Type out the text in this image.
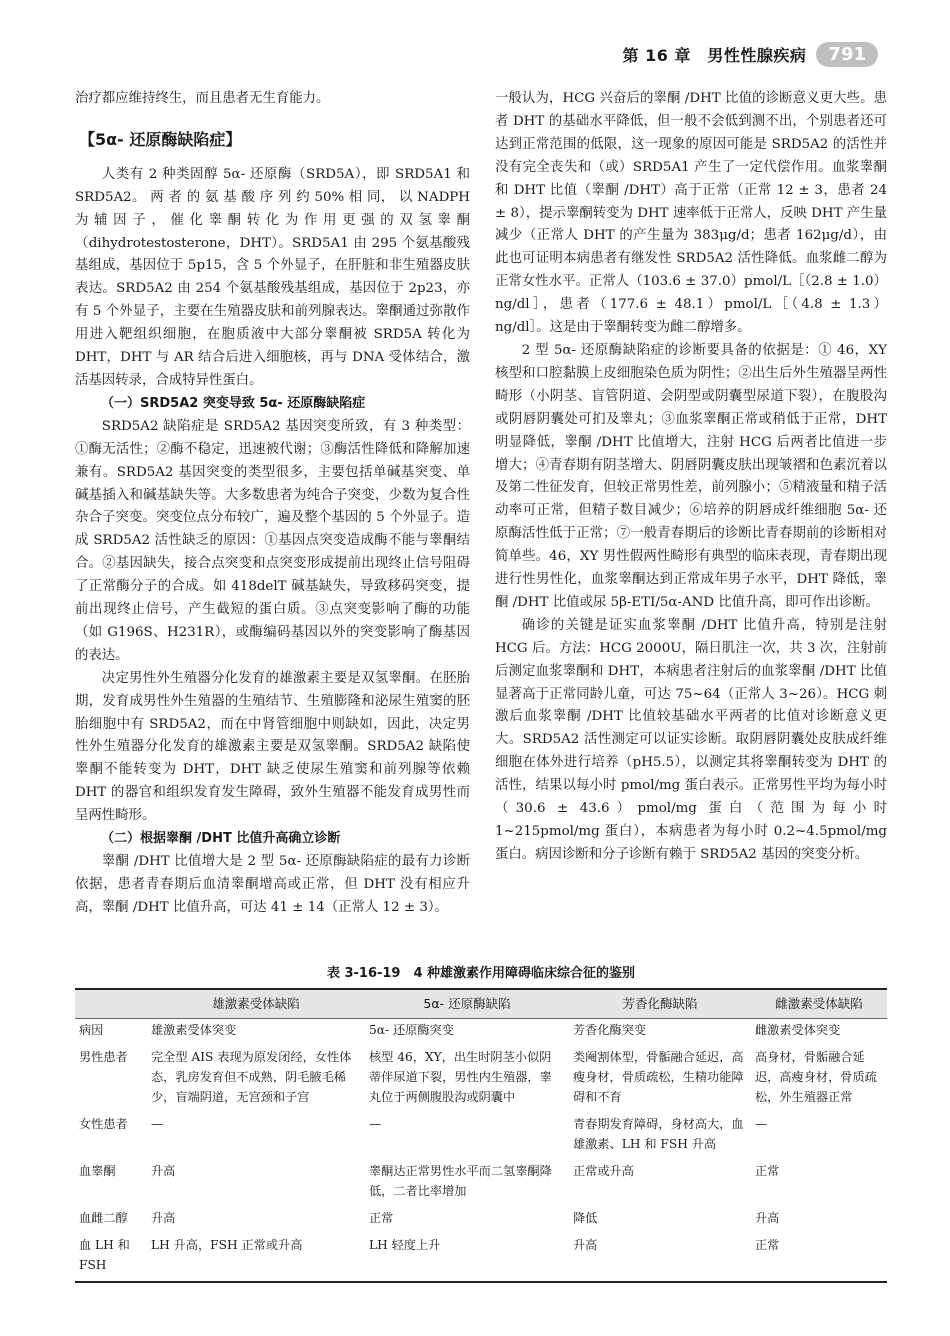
第 16 章　男性性腺疾病	791

治疗都应维持终生，而且患者无生育能力。

【5α- 还原酶缺陷症】

人类有 2 种类固醇 5α- 还原酶（SRD5A），即 SRD5A1 和 SRD5A2。 两 者 的 氨 基 酸 序 列 约 50% 相 同， 以 NADPH 为辅因子，催化睾酮转化为作用更强的双氢睾酮（dihydrotestosterone，DHT）。SRD5A1 由 295 个氨基酸残基组成，基因位于 5p15，含 5 个外显子，在肝脏和非生殖器皮肤表达。SRD5A2 由 254 个氨基酸残基组成，基因位于 2p23，亦有 5 个外显子，主要在生殖器皮肤和前列腺表达。睾酮通过弥散作用进入靶组织细胞，在胞质液中大部分睾酮被 SRD5A 转化为 DHT，DHT 与 AR 结合后进入细胞核，再与 DNA 受体结合，激活基因转录，合成特异性蛋白。

（一）SRD5A2 突变导致 5α- 还原酶缺陷症

SRD5A2 缺陷症是 SRD5A2 基因突变所致，有 3 种类型：①酶无活性；②酶不稳定，迅速被代谢；③酶活性降低和降解加速兼有。SRD5A2 基因突变的类型很多，主要包括单碱基突变、单碱基插入和碱基缺失等。大多数患者为纯合子突变，少数为复合性杂合子突变。突变位点分布较广，遍及整个基因的 5 个外显子。造成 SRD5A2 活性缺乏的原因：①基因点突变造成酶不能与睾酮结合。②基因缺失，接合点突变和点突变形成提前出现终止信号阻碍了正常酶分子的合成。如 418delT 碱基缺失，导致移码突变，提前出现终止信号，产生截短的蛋白质。③点突变影响了酶的功能（如 G196S、H231R），或酶编码基因以外的突变影响了酶基因的表达。

决定男性外生殖器分化发育的雄激素主要是双氢睾酮。在胚胎期，发育成男性外生殖器的生殖结节、生殖膨隆和泌尿生殖窦的胚胎细胞中有 SRD5A2，而在中肾管细胞中则缺如，因此，决定男性外生殖器分化发育的雄激素主要是双氢睾酮。SRD5A2 缺陷使睾酮不能转变为 DHT，DHT 缺乏使尿生殖窦和前列腺等依赖 DHT 的器官和组织发育发生障碍，致外生殖器不能发育成男性而呈两性畸形。

（二）根据睾酮 /DHT 比值升高确立诊断

睾酮 /DHT 比值增大是 2 型 5α- 还原酶缺陷症的最有力诊断依据，患者青春期后血清睾酮增高或正常，但 DHT 没有相应升高，睾酮 /DHT 比值升高，可达 41 ± 14（正常人 12 ± 3）。

一般认为，HCG 兴奋后的睾酮 /DHT 比值的诊断意义更大些。患者 DHT 的基础水平降低，但一般不会低到测不出，个别患者还可达到正常范围的低限，这一现象的原因可能是 SRD5A2 的活性并没有完全丧失和（或）SRD5A1 产生了一定代偿作用。血浆睾酮和 DHT 比值（睾酮 /DHT）高于正常（正常 12 ± 3，患者 24 ± 8），提示睾酮转变为 DHT 速率低于正常人，反映 DHT 产生量减少（正常人 DHT 的产生量为 383μg/d；患者 162μg/d），由此也可证明本病患者有继发性 SRD5A2 活性降低。血浆雌二醇为正常女性水平。正常人（103.6 ± 37.0）pmol/L［（2.8 ± 1.0）ng/dl］，患者（177.6 ± 48.1）pmol/L［（4.8 ± 1.3）ng/dl］。这是由于睾酮转变为雌二醇增多。

2 型 5α- 还原酶缺陷症的诊断要具备的依据是：① 46，XY 核型和口腔黏膜上皮细胞染色质为阴性；②出生后外生殖器呈两性畸形（小阴茎、盲管阴道、会阴型或阴囊型尿道下裂），在腹股沟或阴唇阴囊处可扪及睾丸；③血浆睾酮正常或稍低于正常，DHT 明显降低，睾酮 /DHT 比值增大，注射 HCG 后两者比值进一步增大；④青春期有阴茎增大、阴唇阴囊皮肤出现皱褶和色素沉着以及第二性征发育，但较正常男性差，前列腺小；⑤精液量和精子活动率可正常，但精子数目减少；⑥培养的阴唇成纤维细胞 5α- 还原酶活性低于正常；⑦一般青春期后的诊断比青春期前的诊断相对简单些。46，XY 男性假两性畸形有典型的临床表现，青春期出现进行性男性化，血浆睾酮达到正常成年男子水平，DHT 降低，睾酮 /DHT 比值或尿 5β-ETI/5α-AND 比值升高，即可作出诊断。

确诊的关键是证实血浆睾酮 /DHT 比值升高，特别是注射 HCG 后。方法：HCG 2000U，隔日肌注一次，共 3 次，注射前后测定血浆睾酮和 DHT，本病患者注射后的血浆睾酮 /DHT 比值显著高于正常同龄儿童，可达 75~64（正常人 3~26）。HCG 刺激后血浆睾酮 /DHT 比值较基础水平两者的比值对诊断意义更大。SRD5A2 活性测定可以证实诊断。取阴唇阴囊处皮肤成纤维细胞在体外进行培养（pH5.5），以测定其将睾酮转变为 DHT 的活性，结果以每小时 pmol/mg 蛋白表示。正常男性平均为每小时（30.6 ± 43.6）pmol/mg 蛋白（范围为每小时 1~215pmol/mg 蛋白），本病患者为每小时 0.2~4.5pmol/mg 蛋白。病因诊断和分子诊断有赖于 SRD5A2 基因的突变分析。

表 3-16-19　4 种雄激素作用障碍临床综合征的鉴别
	雄激素受体缺陷	5α- 还原酶缺陷	芳香化酶缺陷	雌激素受体缺陷
病因	雄激素受体突变	5α- 还原酶突变	芳香化酶突变	雌激素受体突变
男性患者	完全型 AIS 表现为原发闭经，女性体态，乳房发育但不成熟，阴毛腋毛稀少，盲端阴道，无宫颈和子宫	核型 46，XY，出生时阴茎小似阴蒂伴尿道下裂，男性内生殖器，睾丸位于两侧腹股沟或阴囊中	类阉割体型，骨骺融合延迟，高瘦身材，骨质疏松，生精功能障碍和不育	高身材，骨骺融合延迟，高瘦身材，骨质疏松，外生殖器正常
女性患者	—	—	青春期发育障碍，身材高大，血雄激素、LH 和 FSH 升高	—
血睾酮	升高	睾酮达正常男性水平而二氢睾酮降低，二者比率增加	正常或升高	正常
血雌二醇	升高	正常	降低	升高
血 LH 和 FSH	LH 升高，FSH 正常或升高	LH 轻度上升	升高	正常
